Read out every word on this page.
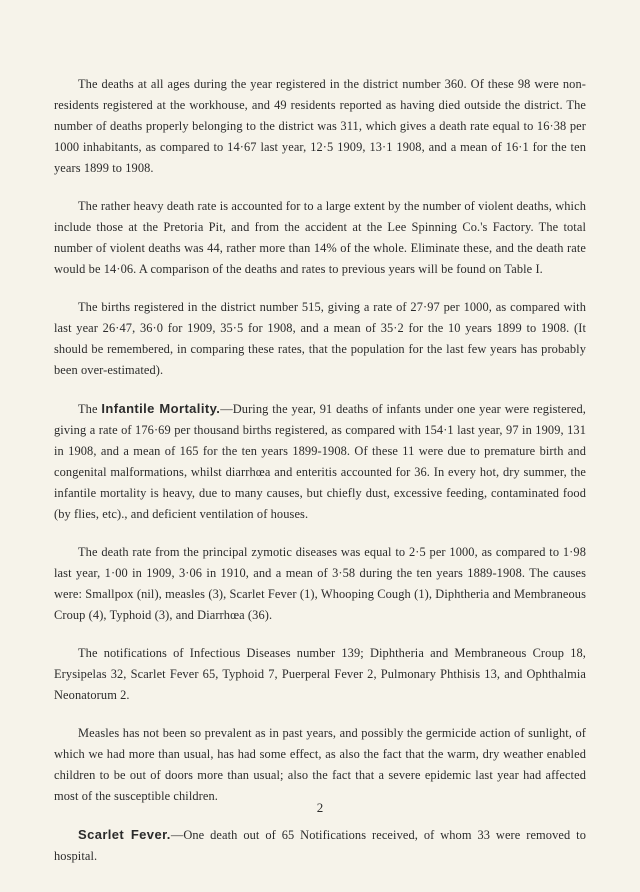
The deaths at all ages during the year registered in the district number 360. Of these 98 were non-residents registered at the workhouse, and 49 residents reported as having died outside the district. The number of deaths properly belonging to the district was 311, which gives a death rate equal to 16·38 per 1000 inhabitants, as compared to 14·67 last year, 12·5 1909, 13·1 1908, and a mean of 16·1 for the ten years 1899 to 1908.

The rather heavy death rate is accounted for to a large extent by the number of violent deaths, which include those at the Pretoria Pit, and from the accident at the Lee Spinning Co.'s Factory. The total number of violent deaths was 44, rather more than 14% of the whole. Eliminate these, and the death rate would be 14·06. A comparison of the deaths and rates to previous years will be found on Table I.

The births registered in the district number 515, giving a rate of 27·97 per 1000, as compared with last year 26·47, 36·0 for 1909, 35·5 for 1908, and a mean of 35·2 for the 10 years 1899 to 1908. (It should be remembered, in comparing these rates, that the population for the last few years has probably been over-estimated).

The Infantile Mortality.—During the year, 91 deaths of infants under one year were registered, giving a rate of 176·69 per thousand births registered, as compared with 154·1 last year, 97 in 1909, 131 in 1908, and a mean of 165 for the ten years 1899-1908. Of these 11 were due to premature birth and congenital malformations, whilst diarrhœa and enteritis accounted for 36. In every hot, dry summer, the infantile mortality is heavy, due to many causes, but chiefly dust, excessive feeding, contaminated food (by flies, etc)., and deficient ventilation of houses.

The death rate from the principal zymotic diseases was equal to 2·5 per 1000, as compared to 1·98 last year, 1·00 in 1909, 3·06 in 1910, and a mean of 3·58 during the ten years 1889-1908. The causes were: Smallpox (nil), measles (3), Scarlet Fever (1), Whooping Cough (1), Diphtheria and Membraneous Croup (4), Typhoid (3), and Diarrhœa (36).

The notifications of Infectious Diseases number 139; Diphtheria and Membraneous Croup 18, Erysipelas 32, Scarlet Fever 65, Typhoid 7, Puerperal Fever 2, Pulmonary Phthisis 13, and Ophthalmia Neonatorum 2.

Measles has not been so prevalent as in past years, and possibly the germicide action of sunlight, of which we had more than usual, has had some effect, as also the fact that the warm, dry weather enabled children to be out of doors more than usual; also the fact that a severe epidemic last year had affected most of the susceptible children.

Scarlet Fever.—One death out of 65 Notifications received, of whom 33 were removed to hospital.

2
